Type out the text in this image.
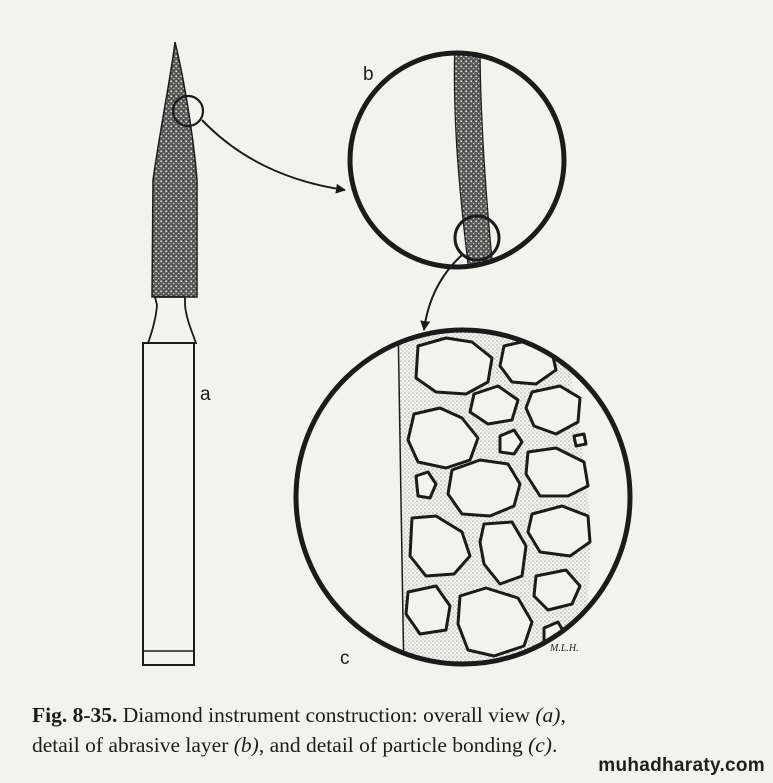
a
b
c	M.L.H.
Fig. 8-35. Diamond instrument construction: overall view (a),
detail of abrasive layer (b), and detail of particle bonding (c).
muhadharaty.com
